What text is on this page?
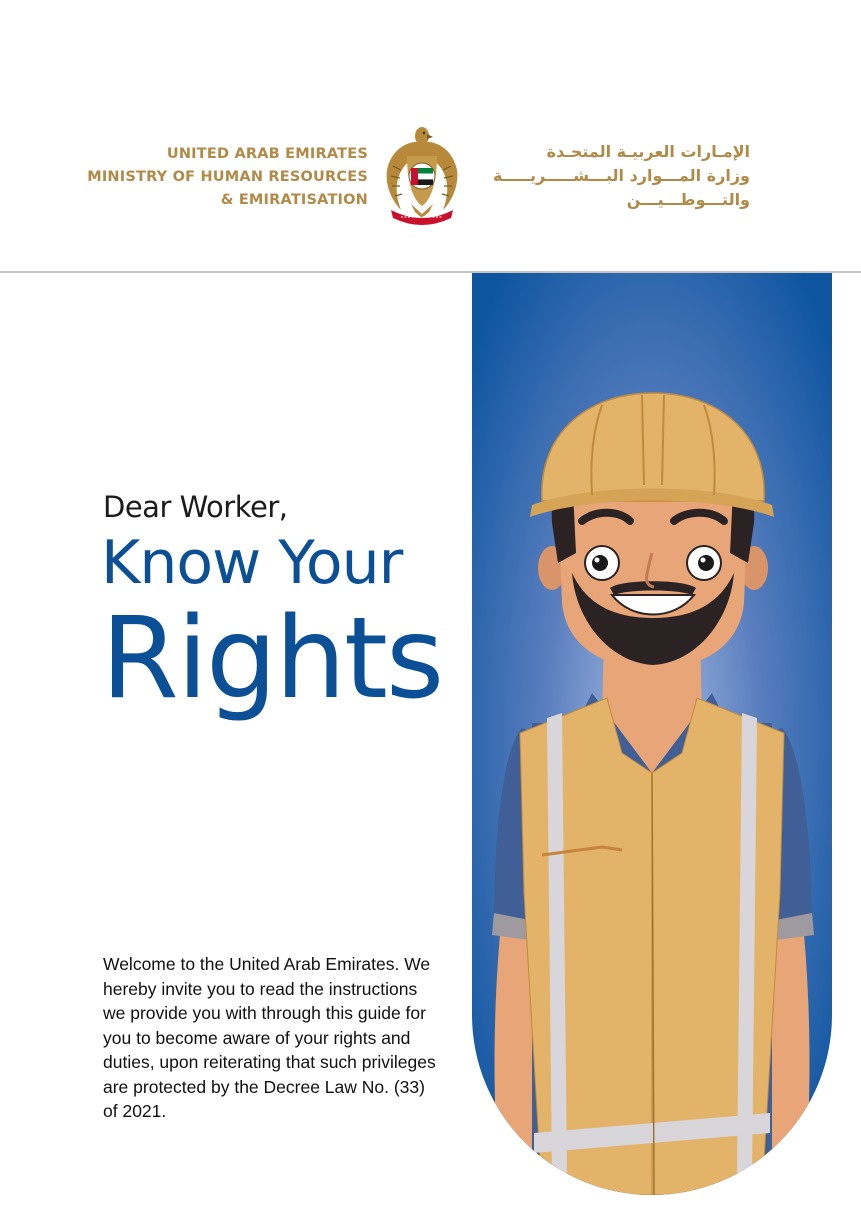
UNITED ARAB EMIRATES
MINISTRY OF HUMAN RESOURCES
& EMIRATISATION
الإمـارات العربيـة المتحـدة
وزارة المـــوارد البـــشـــــريـــــة
والتـــوطـــيـــن
Dear Worker,
Know Your
Rights
Welcome to the United Arab Emirates. We hereby invite you to read the instructions we provide you with through this guide for you to become aware of your rights and duties, upon reiterating that such privileges are protected by the Decree Law No. (33) of 2021.
